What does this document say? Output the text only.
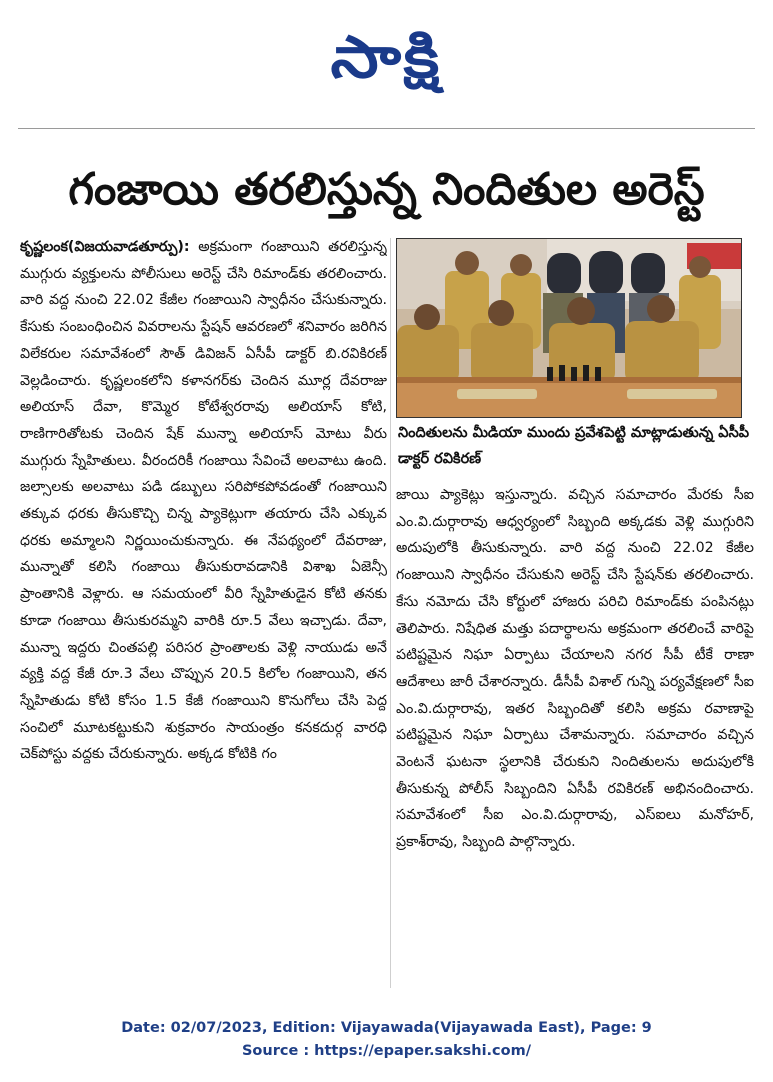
సాక్షి
గంజాయి తరలిస్తున్న నిందితుల అరెస్ట్
కృష్ణలంక(విజయవాడతూర్పు): అక్రమంగా గంజాయిని తరలిస్తున్న ముగ్గురు వ్యక్తులను పోలీసులు అరెస్ట్ చేసి రిమాండ్‌కు తరలించారు. వారి వద్ద నుంచి 22.02 కేజీల గంజాయిని స్వాధీనం చేసుకున్నారు. కేసుకు సంబంధించిన వివరాలను స్టేషన్ ఆవరణలో శనివారం జరిగిన విలేకరుల సమావేశంలో సౌత్ డివిజన్ ఏసీపీ డాక్టర్ బి.రవికిరణ్ వెల్లడించారు. కృష్ణలంకలోని కళానగర్‌కు చెందిన మూర్ల దేవరాజు అలియాస్ దేవా, కొమ్మెర కోటేశ్వరరావు అలియాస్ కోటి, రాణిగారితోటకు చెందిన షేక్ మున్నా అలియాస్ మోటు వీరు ముగ్గురు స్నేహితులు. వీరందరికీ గంజాయి సేవించే అలవాటు ఉంది. జల్సాలకు అలవాటు పడి డబ్బులు సరిపోకపోవడంతో గంజాయిని తక్కువ ధరకు తీసుకొచ్చి చిన్న ప్యాకెట్లుగా తయారు చేసి ఎక్కువ ధరకు అమ్మాలని నిర్ణయించుకున్నారు. ఈ నేపథ్యంలో దేవరాజు, మున్నాతో కలిసి గంజాయి తీసుకురావడానికి విశాఖ ఏజెన్సీ ప్రాంతానికి వెళ్లారు. ఆ సమయంలో వీరి స్నేహితుడైన కోటి తనకు కూడా గంజాయి తీసుకురమ్మని వారికి రూ.5 వేలు ఇచ్చాడు. దేవా, మున్నా ఇద్దరు చింతపల్లి పరిసర ప్రాంతాలకు వెళ్లి నాయుడు అనే వ్యక్తి వద్ద కేజీ రూ.3 వేలు చొప్పున 20.5 కిలోల గంజాయిని, తన స్నేహితుడు కోటి కోసం 1.5 కేజీ గంజాయిని కొనుగోలు చేసి పెద్ద సంచిలో మూటకట్టుకుని శుక్రవారం సాయంత్రం కనకదుర్గ వారధి చెక్‌పోస్టు వద్దకు చేరుకున్నారు. అక్కడ కోటికి గం
నిందితులను మీడియా ముందు ప్రవేశపెట్టి మాట్లాడుతున్న ఏసీపీ డాక్టర్ రవికిరణ్
జాయి ప్యాకెట్లు ఇస్తున్నారు. వచ్చిన సమాచారం మేరకు సీఐ ఎం.వి.దుర్గారావు ఆధ్వర్యంలో సిబ్బంది అక్కడకు వెళ్లి ముగ్గురిని అదుపులోకి తీసుకున్నారు. వారి వద్ద నుంచి 22.02 కేజీల గంజాయిని స్వాధీనం చేసుకుని అరెస్ట్ చేసి స్టేషన్‌కు తరలించారు. కేసు నమోదు చేసి కోర్టులో హాజరు పరిచి రిమాండ్‌కు పంపినట్లు తెలిపారు. నిషేధిత మత్తు పదార్థాలను అక్రమంగా తరలించే వారిపై పటిష్టమైన నిఘా ఏర్పాటు చేయాలని నగర సీపీ టీకే రాణా ఆదేశాలు జారీ చేశారన్నారు. డీసీపీ విశాల్ గున్ని పర్యవేక్షణలో సీఐ ఎం.వి.దుర్గారావు, ఇతర సిబ్బందితో కలిసి అక్రమ రవాణాపై పటిష్టమైన నిఘా ఏర్పాటు చేశామన్నారు. సమాచారం వచ్చిన వెంటనే ఘటనా స్థలానికి చేరుకుని నిందితులను అదుపులోకి తీసుకున్న పోలీస్ సిబ్బందిని ఏసీపీ రవికిరణ్ అభినందించారు. సమావేశంలో సీఐ ఎం.వి.దుర్గారావు, ఎస్ఐలు మనోహర్, ప్రకాశ్‌రావు, సిబ్బంది పాల్గొన్నారు.
Date: 02/07/2023, Edition: Vijayawada(Vijayawada East), Page: 9
Source : https://epaper.sakshi.com/
